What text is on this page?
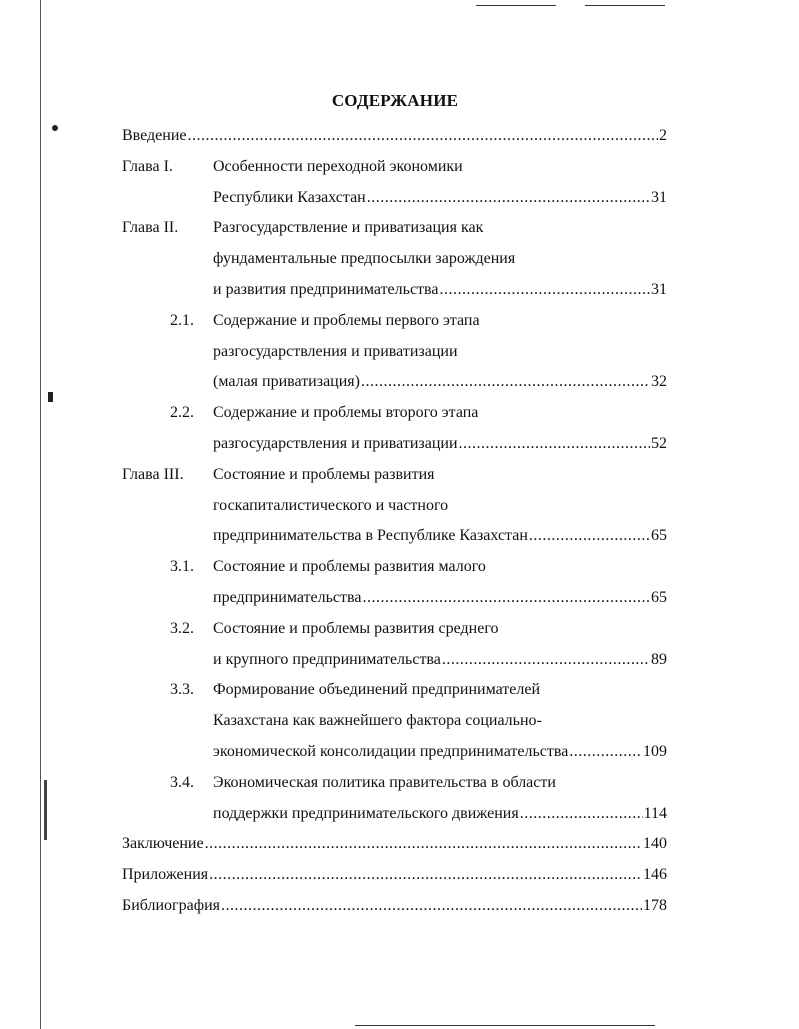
СОДЕРЖАНИЕ
Введение .....	2
Глава I.	Особенности переходной экономики
Республики Казахстан .....	31
Глава II.	Разгосударствление и приватизация как
фундаментальные предпосылки зарождения
и развития предпринимательства .....	31
2.1.	Содержание и проблемы первого этапа
разгосударствления и приватизации
(малая приватизация) .....	32
2.2.	Содержание и проблемы второго этапа
разгосударствления и приватизации .....	52
Глава III.	Состояние и проблемы развития
госкапиталистического и частного
предпринимательства в Республике Казахстан .....	65
3.1.	Состояние и проблемы развития малого
предпринимательства .....	65
3.2.	Состояние и проблемы развития среднего
и крупного предпринимательства .....	89
3.3.	Формирование объединений предпринимателей
Казахстана как важнейшего фактора социально-
экономической консолидации предпринимательства .....	109
3.4.	Экономическая политика правительства в области
поддержки предпринимательского движения .....	114
Заключение .....	140
Приложения .....	146
Библиография .....	178
